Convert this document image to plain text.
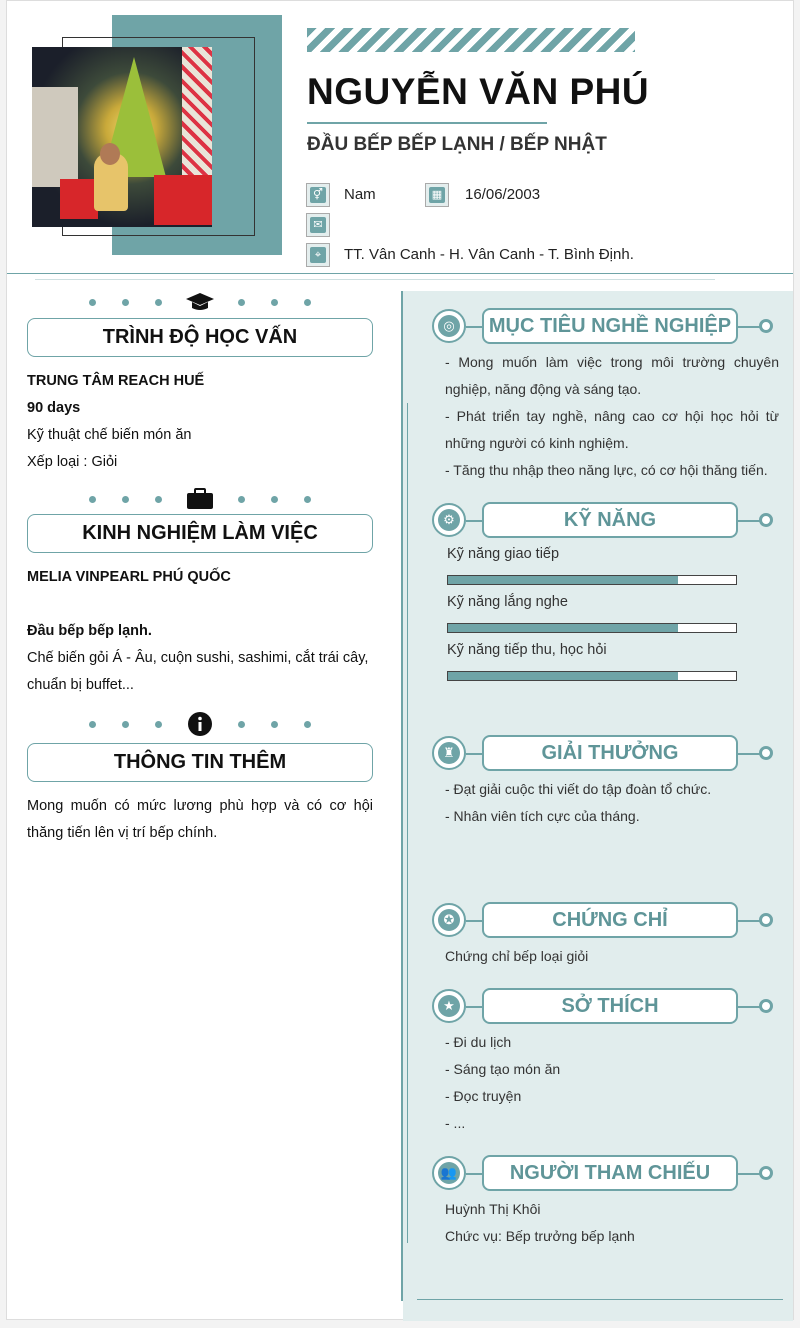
NGUYỄN VĂN PHÚ
ĐẦU BẾP BẾP LẠNH / BẾP NHẬT
⚥ Nam	▦ 16/06/2003
✉
⌖	TT. Vân Canh - H. Vân Canh - T. Bình Định.
TRÌNH ĐỘ HỌC VẤN
TRUNG TÂM REACH HUẾ
90 days
Kỹ thuật chế biến món ăn
Xếp loại : Giỏi
KINH NGHIỆM LÀM VIỆC
MELIA VINPEARL PHÚ QUỐC
Đầu bếp bếp lạnh.
Chế biến gỏi Á - Âu, cuộn sushi, sashimi, cắt trái cây,
chuẩn bị buffet...
THÔNG TIN THÊM
Mong muốn có mức lương phù hợp và có cơ hội
thăng tiến lên vị trí bếp chính.
◎	MỤC TIÊU NGHỀ NGHIỆP
- Mong muốn làm việc trong môi trường chuyên
nghiệp, năng động và sáng tạo.
- Phát triển tay nghề, nâng cao cơ hội học hỏi từ
những người có kinh nghiệm.
- Tăng thu nhập theo năng lực, có cơ hội thăng tiến.
⚙	KỸ NĂNG
Kỹ năng giao tiếp
Kỹ năng lắng nghe
Kỹ năng tiếp thu, học hỏi
♜	GIẢI THƯỞNG
- Đạt giải cuộc thi viết do tập đoàn tổ chức.
- Nhân viên tích cực của tháng.
✪	CHỨNG CHỈ
Chứng chỉ bếp loại giỏi
★	SỞ THÍCH
- Đi du lịch
- Sáng tạo món ăn
- Đọc truyện
- ...
👥	NGƯỜI THAM CHIẾU
Huỳnh Thị Khôi
Chức vụ: Bếp trưởng bếp lạnh
